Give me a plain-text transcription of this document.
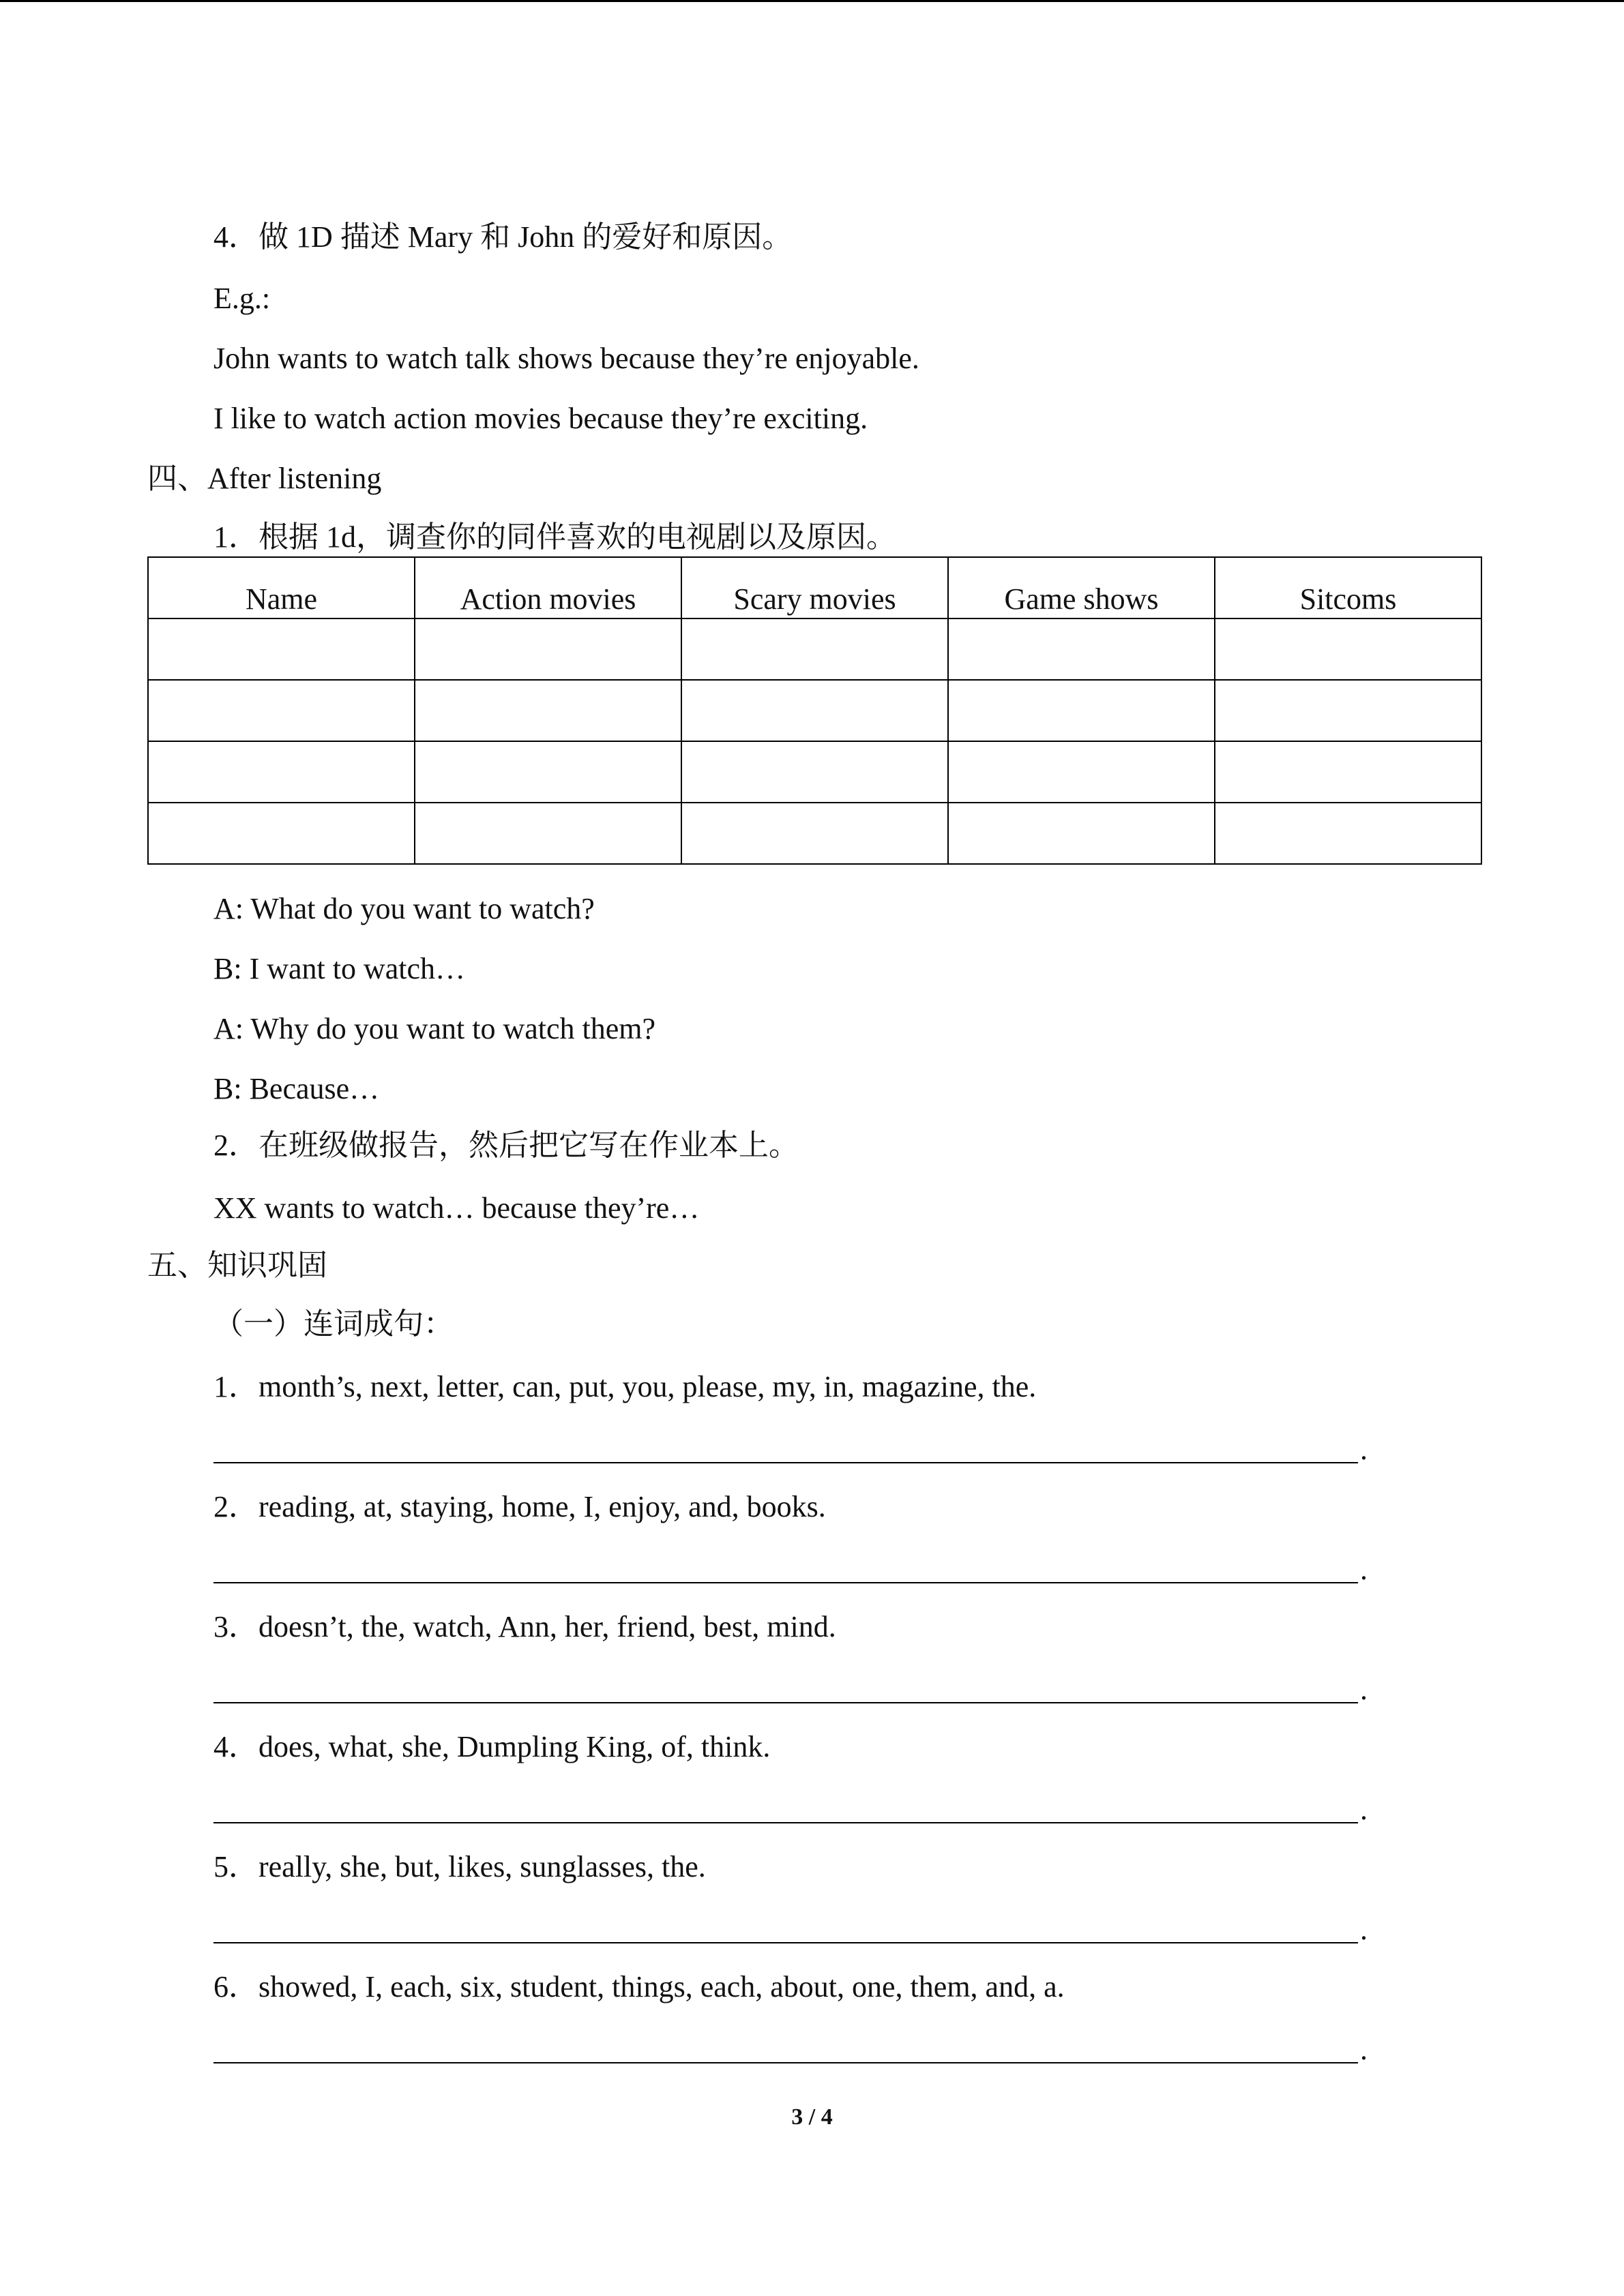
4．做 1D 描述 Mary 和 John 的爱好和原因。
E.g.:
John wants to watch talk shows because they’re enjoyable.
I like to watch action movies because they’re exciting.
四、After listening
1．根据 1d，调查你的同伴喜欢的电视剧以及原因。
Name	Action movies	Scary movies	Game shows	Sitcoms

A: What do you want to watch?
B: I want to watch…
A: Why do you want to watch them?
B: Because…
2．在班级做报告，然后把它写在作业本上。
XX wants to watch… because they’re…
五、知识巩固
（一）连词成句：
1．month’s, next, letter, can, put, you, please, my, in, magazine, the.
.
2．reading, at, staying, home, I, enjoy, and, books.
.
3．doesn’t, the, watch, Ann, her, friend, best, mind.
.
4．does, what, she, Dumpling King, of, think.
.
5．really, she, but, likes, sunglasses, the.
.
6．showed, I, each, six, student, things, each, about, one, them, and, a.
.
3 / 4
